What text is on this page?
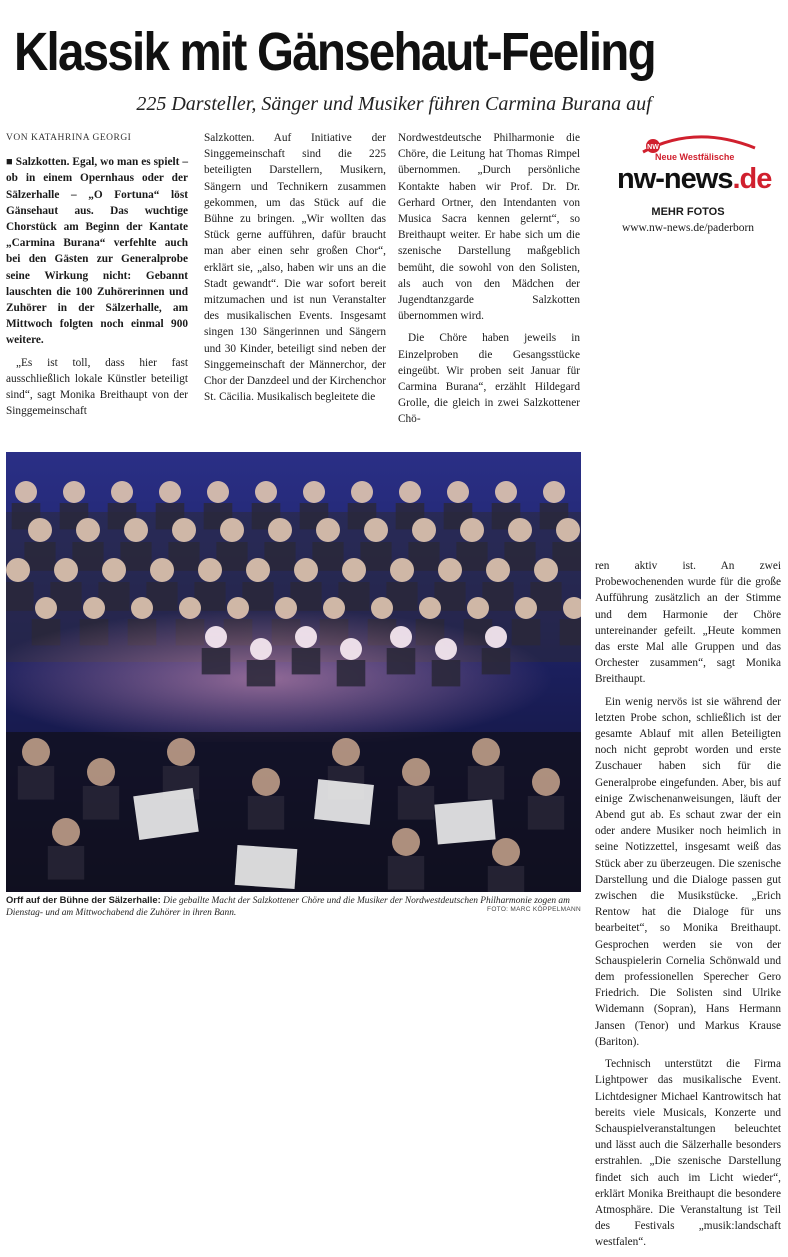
Klassik mit Gänsehaut-Feeling
225 Darsteller, Sänger und Musiker führen Carmina Burana auf
VON KATAHRINA GEORGI

■ Salzkotten. Egal, wo man es spielt – ob in einem Opernhaus oder der Sälzerhalle – „O Fortuna“ löst Gänsehaut aus. Das wuchtige Chorstück am Beginn der Kantate „Carmina Burana“ verfehlte auch bei den Gästen zur Generalprobe seine Wirkung nicht: Gebannt lauschten die 100 Zuhörerinnen und Zuhörer in der Sälzerhalle, am Mittwoch folgten noch einmal 900 weitere.

„Es ist toll, dass hier fast ausschließlich lokale Künstler beteiligt sind“, sagt Monika Breithaupt von der Singgemeinschaft

Salzkotten. Auf Initiative der Singgemeinschaft sind die 225 beteiligten Darstellern, Musikern, Sängern und Technikern zusammen gekommen, um das Stück auf die Bühne zu bringen. „Wir wollten das Stück gerne aufführen, dafür braucht man aber einen sehr großen Chor“, erklärt sie, „also, haben wir uns an die Stadt gewandt“. Die war sofort bereit mitzumachen und ist nun Veranstalter des musikalischen Events. Insgesamt singen 130 Sängerinnen und Sängern und 30 Kinder, beteiligt sind neben der Singgemeinschaft der Männerchor, der Chor der Danzdeel und der Kirchenchor St. Cäcilia. Musikalisch begleitete die

Nordwestdeutsche Philharmonie die Chöre, die Leitung hat Thomas Rimpel übernommen. „Durch persönliche Kontakte haben wir Prof. Dr. Dr. Gerhard Ortner, den Intendanten von Musica Sacra kennen gelernt“, so Breithaupt weiter. Er habe sich um die szenische Darstellung maßgeblich bemüht, die sowohl von den Solisten, als auch von den Mädchen der Jugendtanzgarde Salzkotten übernommen wird.

Die Chöre haben jeweils in Einzelproben die Gesangsstücke eingeübt. Wir proben seit Januar für Carmina Burana“, erzählt Hildegard Grolle, die gleich in zwei Salzkottener Chö-

NW
Neue Westfälische
nw-news.de
MEHR FOTOS
www.nw-news.de/paderborn

ren aktiv ist. An zwei Probewochenenden wurde für die große Aufführung zusätzlich an der Stimme und dem Harmonie der Chöre untereinander gefeilt. „Heute kommen das erste Mal alle Gruppen und das Orchester zusammen“, sagt Monika Breithaupt.

Ein wenig nervös ist sie während der letzten Probe schon, schließlich ist der gesamte Ablauf mit allen Beteiligten noch nicht geprobt worden und erste Zuschauer haben sich für die Generalprobe eingefunden. Aber, bis auf einige Zwischenanweisungen, läuft der Abend gut ab. Es schaut zwar der ein oder andere Musiker noch heimlich in seine Notizzettel, insgesamt weiß das Stück aber zu überzeugen. Die szenische Darstellung und die Dialoge passen gut zwischen die Musikstücke. „Erich Rentow hat die Dialoge für uns bearbeitet“, so Monika Breithaupt. Gesprochen werden sie von der Schauspielerin Cornelia Schönwald und dem professionellen Sperecher Gero Friedrich. Die Solisten sind Ulrike Widemann (Sopran), Hans Hermann Jansen (Tenor) und Markus Krause (Bariton).

Technisch unterstützt die Firma Lightpower das musikalische Event. Lichtdesigner Michael Kantrowitsch hat bereits viele Musicals, Konzerte und Schauspielveranstaltungen beleuchtet und lässt auch die Sälzerhalle besonders erstrahlen. „Die szenische Darstellung findet sich auch im Licht wieder“, erklärt Monika Breithaupt die besondere Atmosphäre. Die Veranstaltung ist Teil des Festivals „musik:landschaft westfalen“.

Orff auf der Bühne der Sälzerhalle: Die geballte Macht der Salzkottener Chöre und die Musiker der Nordwestdeutschen Philharmonie zogen am Dienstag- und am Mittwochabend die Zuhörer in ihren Bann.	FOTO: MARC KÖPPELMANN
